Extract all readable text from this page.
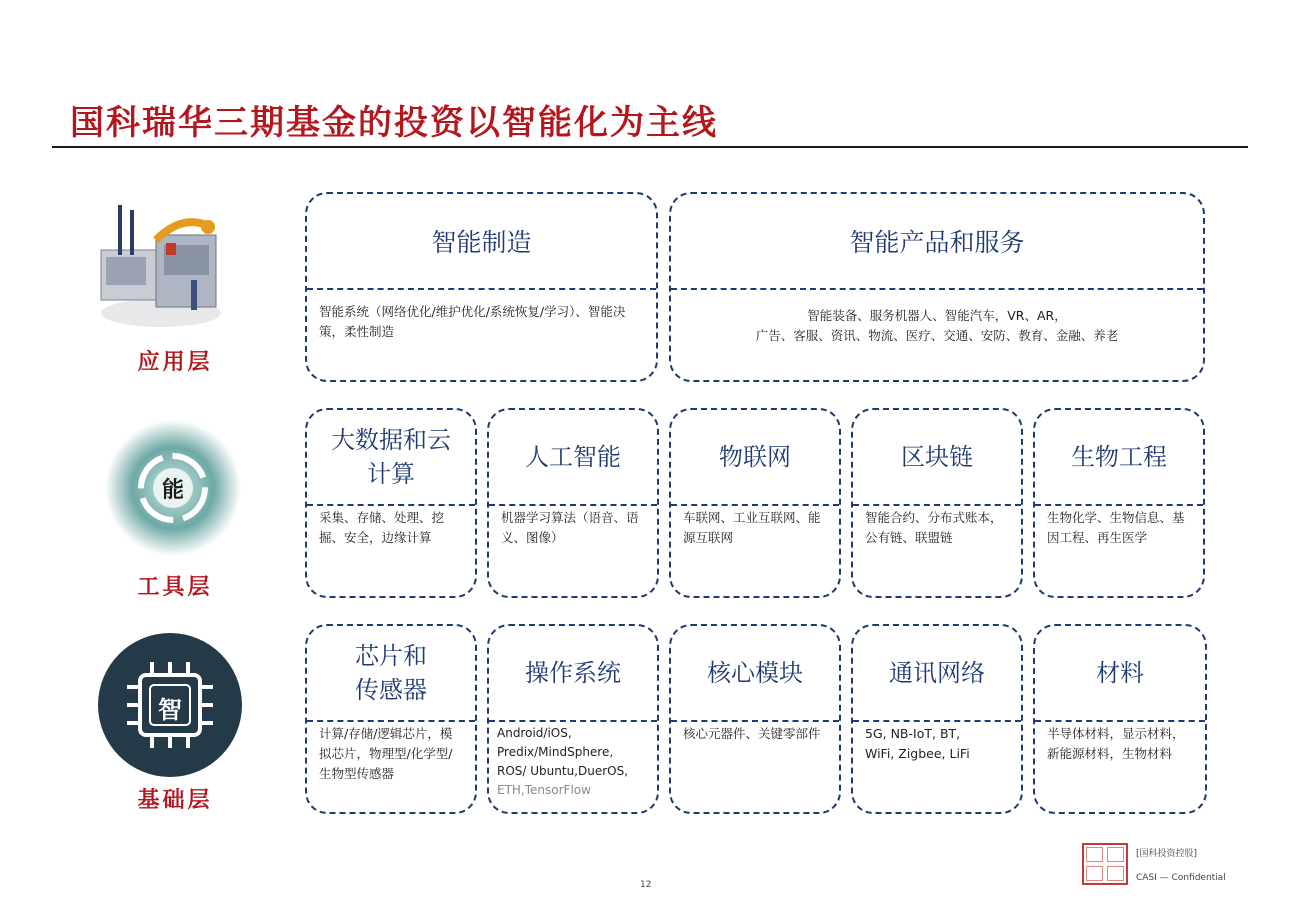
国科瑞华三期基金的投资以智能化为主线
应用层
能
工具层
智
基础层
智能制造
智能系统（网络优化/维护优化/系统恢复/学习）、智能决策，柔性制造
智能产品和服务
智能装备、服务机器人、智能汽车，VR、AR，
广告、客服、资讯、物流、医疗、交通、安防、教育、金融、养老
大数据和云
计算
采集、存储、处理、挖掘、安全，边缘计算
人工智能
机器学习算法（语音、语义、图像）
物联网
车联网、工业互联网、能源互联网
区块链
智能合约、分布式账本，公有链、联盟链
生物工程
生物化学、生物信息、基因工程、再生医学
芯片和
传感器
计算/存储/逻辑芯片，模拟芯片，物理型/化学型/生物型传感器
操作系统
Android/iOS,
Predix/MindSphere,
ROS/ Ubuntu,DuerOS,
ETH,TensorFlow
核心模块
核心元器件、关键零部件
通讯网络
5G, NB-IoT, BT,
WiFi, Zigbee, LiFi
材料
半导体材料，显示材料，新能源材料，生物材料
12
[国科投资控股]
CASI — Confidential
